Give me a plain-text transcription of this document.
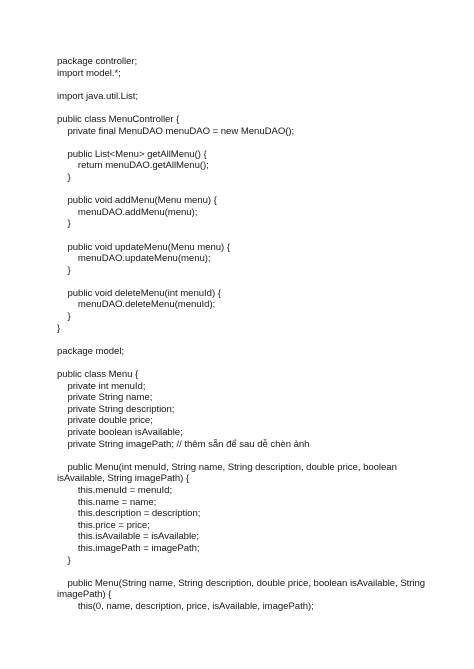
package controller;
import model.*;
import java.util.List;
public class MenuController {
private final MenuDAO menuDAO = new MenuDAO();
public List<Menu> getAllMenu() {
return menuDAO.getAllMenu();
}
public void addMenu(Menu menu) {
menuDAO.addMenu(menu);
}
public void updateMenu(Menu menu) {
menuDAO.updateMenu(menu);
}
public void deleteMenu(int menuId) {
menuDAO.deleteMenu(menuId);
}
}
package model;
public class Menu {
private int menuId;
private String name;
private String description;
private double price;
private boolean isAvailable;
private String imagePath; // thêm sẵn để sau dễ chèn ảnh
public Menu(int menuId, String name, String description, double price, boolean
isAvailable, String imagePath) {
this.menuId = menuId;
this.name = name;
this.description = description;
this.price = price;
this.isAvailable = isAvailable;
this.imagePath = imagePath;
}
public Menu(String name, String description, double price, boolean isAvailable, String
imagePath) {
this(0, name, description, price, isAvailable, imagePath);
